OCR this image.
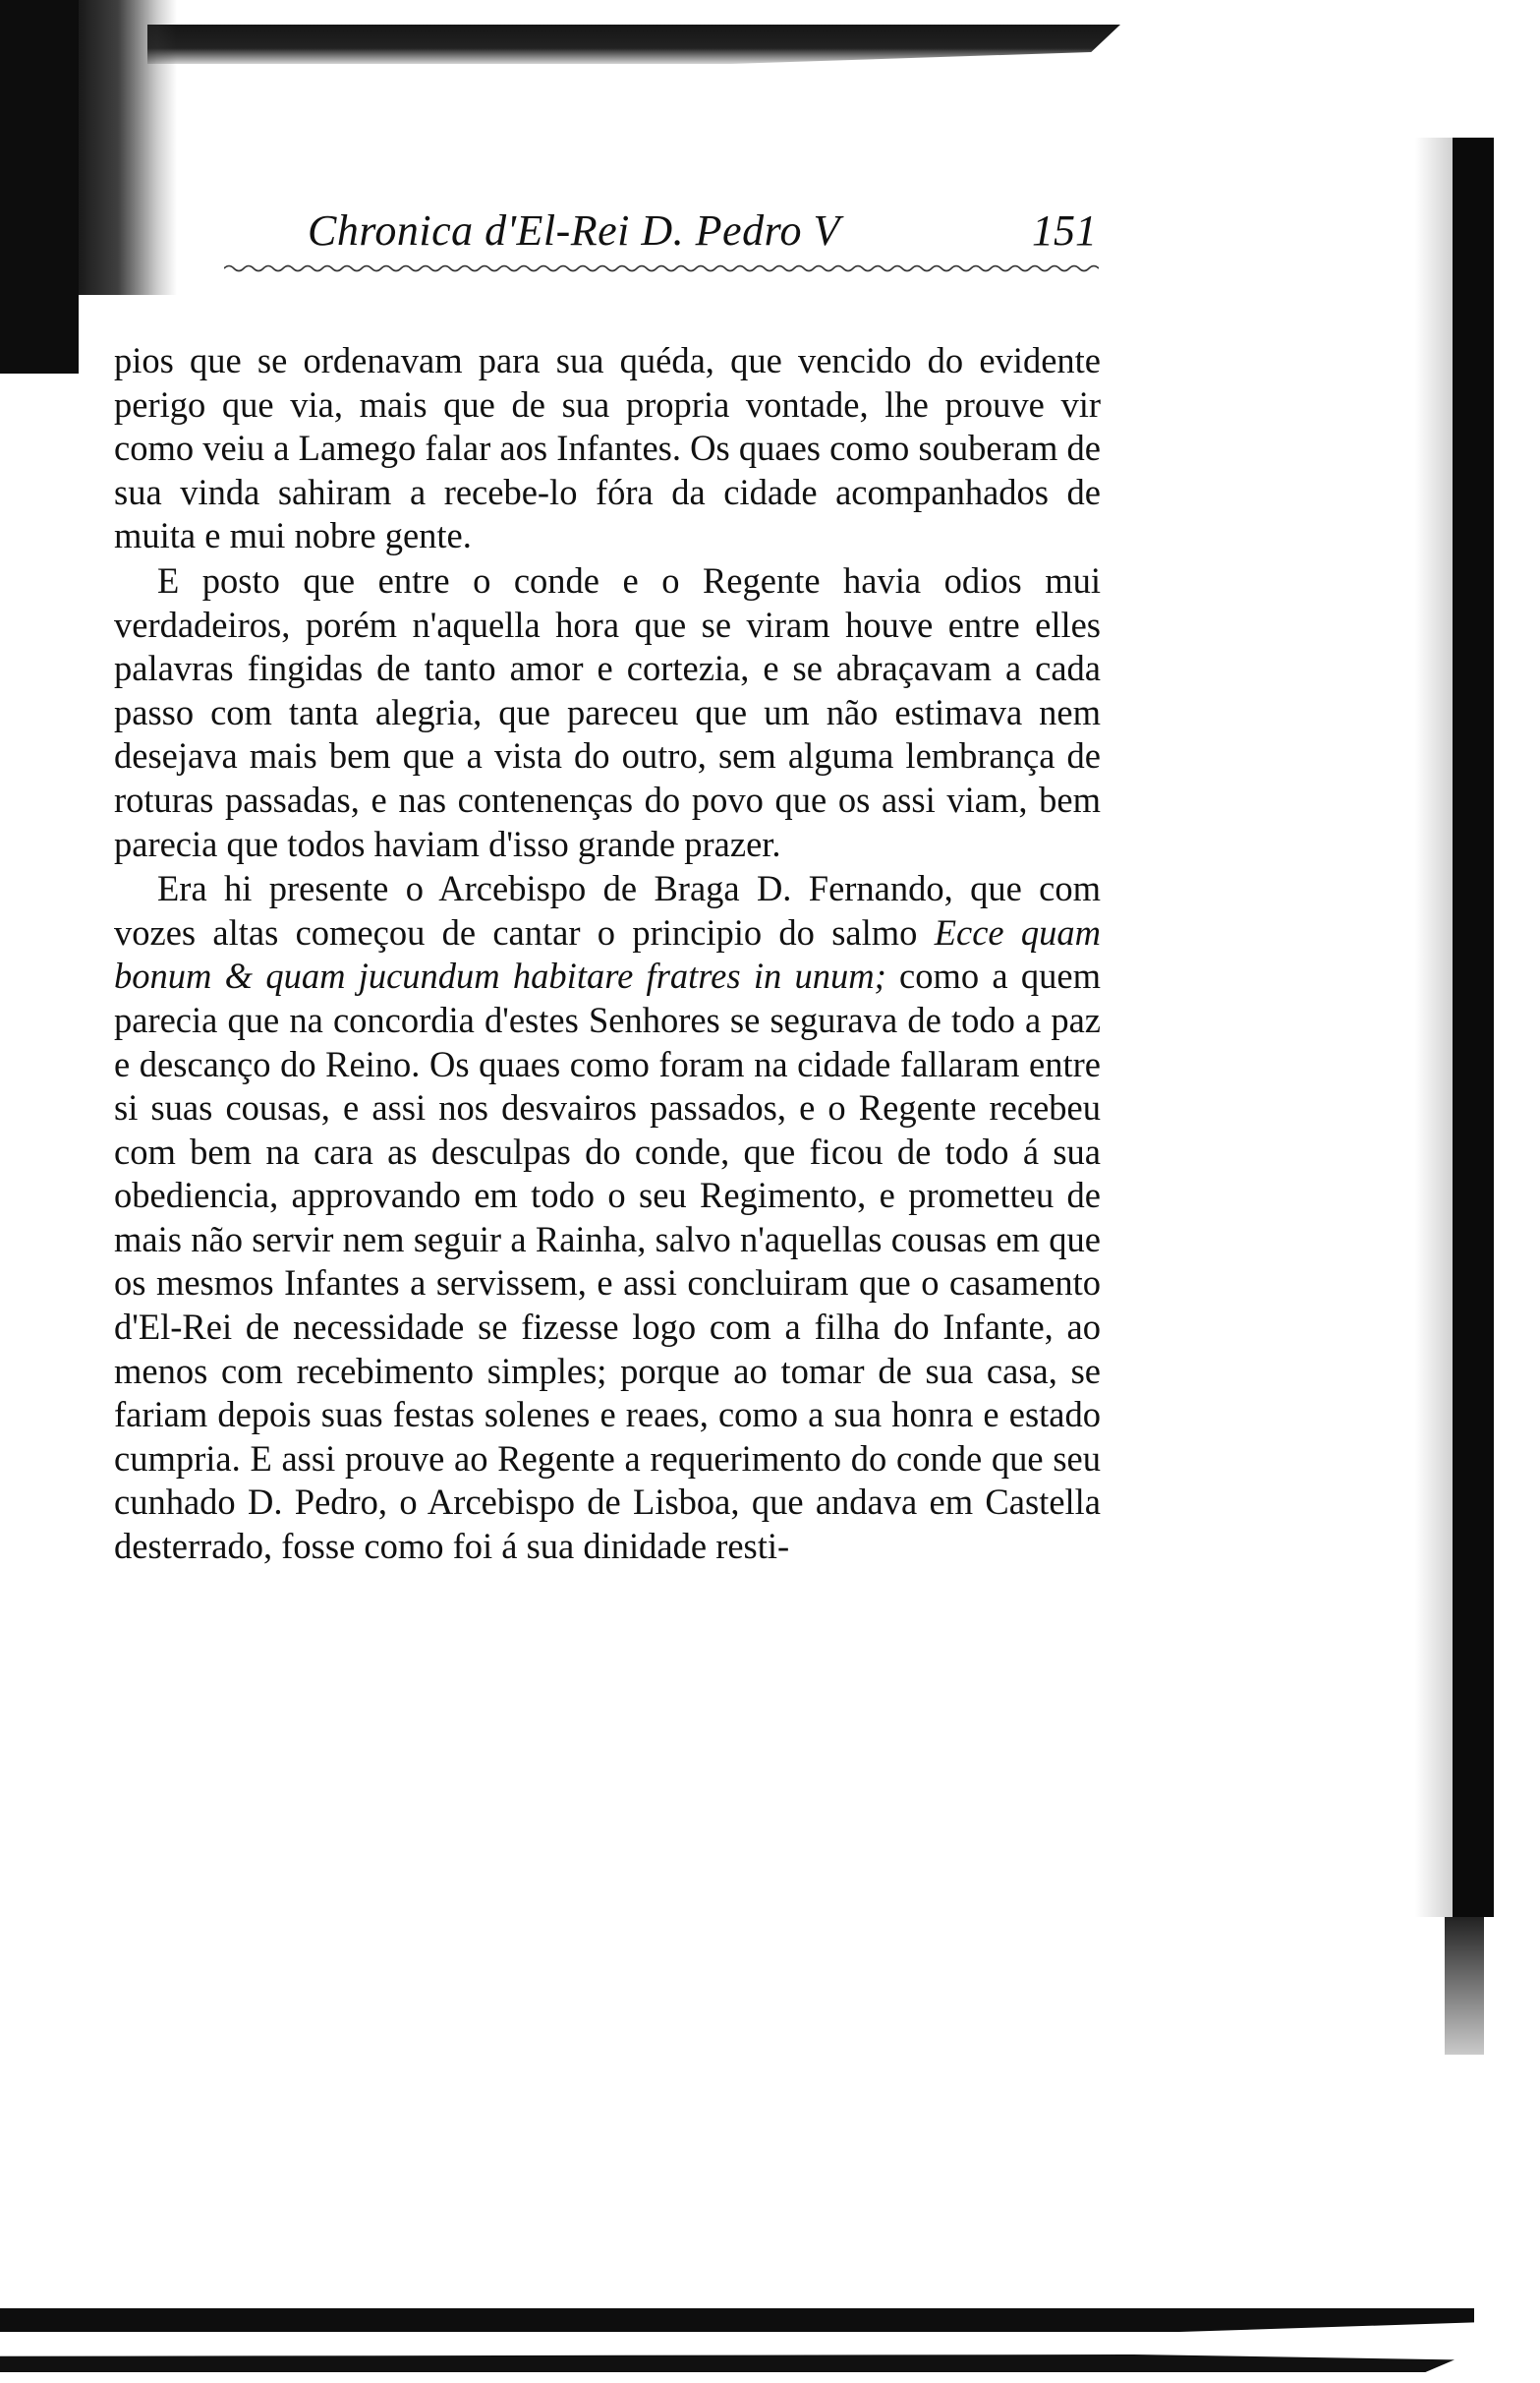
Chronica d'El-Rei D. Pedro V	151

pios que se ordenavam para sua quéda, que vencido do evidente perigo que via, mais que de sua propria vontade, lhe prouve vir como veiu a Lamego falar aos Infantes. Os quaes como souberam de sua vinda sahiram a recebe-lo fóra da cidade acompanhados de muita e mui nobre gente.

E posto que entre o conde e o Regente havia odios mui verdadeiros, porém n'aquella hora que se viram houve entre elles palavras fingidas de tanto amor e cortezia, e se abraçavam a cada passo com tanta alegria, que pareceu que um não estimava nem desejava mais bem que a vista do outro, sem alguma lembrança de roturas passadas, e nas contenenças do povo que os assi viam, bem parecia que todos haviam d'isso grande prazer.

Era hi presente o Arcebispo de Braga D. Fernando, que com vozes altas começou de cantar o principio do salmo Ecce quam bonum & quam jucundum habitare fratres in unum; como a quem parecia que na concordia d'estes Senhores se segurava de todo a paz e descanço do Reino. Os quaes como foram na cidade fallaram entre si suas cousas, e assi nos desvairos passados, e o Regente recebeu com bem na cara as desculpas do conde, que ficou de todo á sua obediencia, approvando em todo o seu Regimento, e prometteu de mais não servir nem seguir a Rainha, salvo n'aquellas cousas em que os mesmos Infantes a servissem, e assi concluiram que o casamento d'El-Rei de necessidade se fizesse logo com a filha do Infante, ao menos com recebimento simples; porque ao tomar de sua casa, se fariam depois suas festas solenes e reaes, como a sua honra e estado cumpria. E assi prouve ao Regente a requerimento do conde que seu cunhado D. Pedro, o Arcebispo de Lisboa, que andava em Castella desterrado, fosse como foi á sua dinidade resti-
